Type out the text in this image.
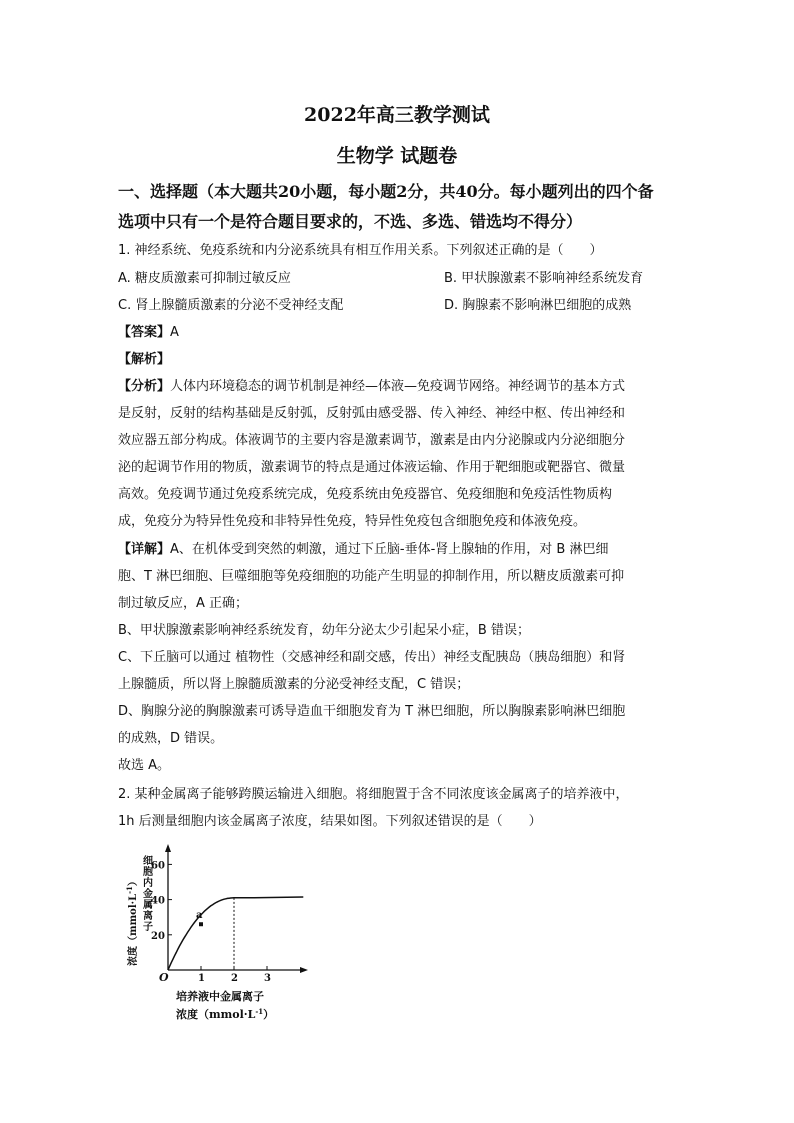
2022年高三教学测试
生物学 试题卷
一、选择题（本大题共20小题，每小题2分，共40分。每小题列出的四个备
选项中只有一个是符合题目要求的，不选、多选、错选均不得分）
1. 神经系统、免疫系统和内分泌系统具有相互作用关系。下列叙述正确的是（　　）
A. 糖皮质激素可抑制过敏反应	B. 甲状腺激素不影响神经系统发育
C. 肾上腺髓质激素的分泌不受神经支配	D. 胸腺素不影响淋巴细胞的成熟
【答案】A
【解析】
【分析】人体内环境稳态的调节机制是神经—体液—免疫调节网络。神经调节的基本方式
是反射，反射的结构基础是反射弧，反射弧由感受器、传入神经、神经中枢、传出神经和
效应器五部分构成。体液调节的主要内容是激素调节，激素是由内分泌腺或内分泌细胞分
泌的起调节作用的物质，激素调节的特点是通过体液运输、作用于靶细胞或靶器官、微量
高效。免疫调节通过免疫系统完成，免疫系统由免疫器官、免疫细胞和免疫活性物质构
成，免疫分为特异性免疫和非特异性免疫，特异性免疫包含细胞免疫和体液免疫。
【详解】A、在机体受到突然的刺激，通过下丘脑-垂体-肾上腺轴的作用，对 B 淋巴细
胞、T 淋巴细胞、巨噬细胞等免疫细胞的功能产生明显的抑制作用，所以糖皮质激素可抑
制过敏反应，A 正确；
B、甲状腺激素影响神经系统发育，幼年分泌太少引起呆小症，B 错误；
C、下丘脑可以通过 植物性（交感神经和副交感，传出）神经支配胰岛（胰岛细胞）和肾
上腺髓质，所以肾上腺髓质激素的分泌受神经支配，C 错误；
D、胸腺分泌的胸腺激素可诱导造血干细胞发育为 T 淋巴细胞，所以胸腺素影响淋巴细胞
的成熟，D 错误。
故选 A。
2. 某种金属离子能够跨膜运输进入细胞。将细胞置于含不同浓度该金属离子的培养液中，
1h 后测量细胞内该金属离子浓度，结果如图。下列叙述错误的是（　　）
20
40
60
O	1	2	3
a
细
胞
内
金
属
离
子
浓度$(mmol\cdot L^{-1})$
培养液中金属离子
浓度$(mmol\cdot L^{-1})$
